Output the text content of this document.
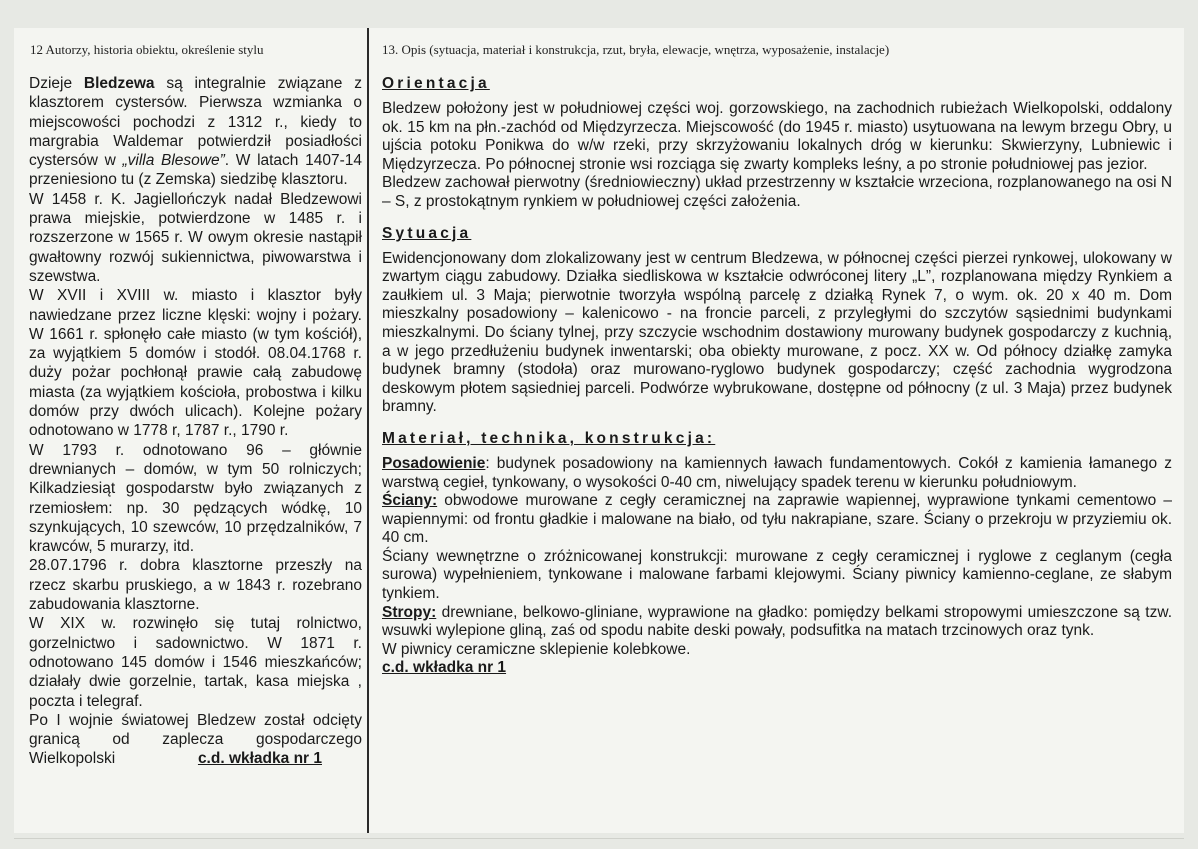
12 Autorzy, historia obiektu, określenie stylu	13. Opis (sytuacja, materiał i konstrukcja, rzut, bryła, elewacje, wnętrza, wyposażenie, instalacje)

Dzieje Bledzewa są integralnie związane z klasztorem cystersów. Pierwsza wzmianka o miejscowości pochodzi z 1312 r., kiedy to margrabia Waldemar potwierdził posiadłości cystersów w „villa Blesowe”. W latach 1407-14 przeniesiono tu (z Zemska) siedzibę klasztoru.

W 1458 r. K. Jagiellończyk nadał Bledzewowi prawa miejskie, potwierdzone w 1485 r. i rozszerzone w 1565 r. W owym okresie nastąpił gwałtowny rozwój sukiennictwa, piwowarstwa i szewstwa.

W XVII i XVIII w. miasto i klasztor były nawiedzane przez liczne klęski: wojny i pożary. W 1661 r. spłonęło całe miasto (w tym kościół), za wyjątkiem 5 domów i stodół. 08.04.1768 r. duży pożar pochłonął prawie całą zabudowę miasta (za wyjątkiem kościoła, probostwa i kilku domów przy dwóch ulicach). Kolejne pożary odnotowano w 1778 r, 1787 r., 1790 r.

W 1793 r. odnotowano 96 – głównie drewnianych – domów, w tym 50 rolniczych; Kilkadziesiąt gospodarstw było związanych z rzemiosłem: np. 30 pędzących wódkę, 10 szynkujących, 10 szewców, 10 przędzalników, 7 krawców, 5 murarzy, itd.

28.07.1796 r. dobra klasztorne przeszły na rzecz skarbu pruskiego, a w 1843 r. rozebrano zabudowania klasztorne.

W XIX w. rozwinęło się tutaj rolnictwo, gorzelnictwo i sadownictwo. W 1871 r. odnotowano 145 domów i 1546 mieszkańców; działały dwie gorzelnie, tartak, kasa miejska , poczta i telegraf.

Po I wojnie światowej Bledzew został odcięty granicą od zaplecza gospodarczego

Wielkopolski	c.d. wkładka nr 1
Orientacja

Bledzew położony jest w południowej części woj. gorzowskiego, na zachodnich rubieżach Wielkopolski, oddalony ok. 15 km na płn.-zachód od Międzyrzecza. Miejscowość (do 1945 r. miasto) usytuowana na lewym brzegu Obry, u ujścia potoku Ponikwa do w/w rzeki, przy skrzyżowaniu lokalnych dróg w kierunku: Skwierzyny, Lubniewic i Międzyrzecza. Po północnej stronie wsi rozciąga się zwarty kompleks leśny, a po stronie południowej pas jezior.

Bledzew zachował pierwotny (średniowieczny) układ przestrzenny w kształcie wrzeciona, rozplanowanego na osi N – S, z prostokątnym rynkiem w południowej części założenia.

Sytuacja

Ewidencjonowany dom zlokalizowany jest w centrum Bledzewa, w północnej części pierzei rynkowej, ulokowany w zwartym ciągu zabudowy. Działka siedliskowa w kształcie odwróconej litery „L”, rozplanowana między Rynkiem a zaułkiem ul. 3 Maja; pierwotnie tworzyła wspólną parcelę z działką Rynek 7, o wym. ok. 20 x 40 m. Dom mieszkalny posadowiony – kalenicowo - na froncie parceli, z przyległymi do szczytów sąsiednimi budynkami mieszkalnymi. Do ściany tylnej, przy szczycie wschodnim dostawiony murowany budynek gospodarczy z kuchnią, a w jego przedłużeniu budynek inwentarski; oba obiekty murowane, z pocz. XX w. Od północy działkę zamyka budynek bramny (stodoła) oraz murowano-ryglowo budynek gospodarczy; część zachodnia wygrodzona deskowym płotem sąsiedniej parceli. Podwórze wybrukowane, dostępne od północny (z ul. 3 Maja) przez budynek bramny.

Materiał, technika, konstrukcja:

Posadowienie: budynek posadowiony na kamiennych ławach fundamentowych. Cokół z kamienia łamanego z warstwą cegieł, tynkowany, o wysokości 0-40 cm, niwelujący spadek terenu w kierunku południowym.

Ściany: obwodowe murowane z cegły ceramicznej na zaprawie wapiennej, wyprawione tynkami cementowo – wapiennymi: od frontu gładkie i malowane na biało, od tyłu nakrapiane, szare. Ściany o przekroju w przyziemiu ok. 40 cm.

Ściany wewnętrzne o zróżnicowanej konstrukcji: murowane z cegły ceramicznej i ryglowe z ceglanym (cegła surowa) wypełnieniem, tynkowane i malowane farbami klejowymi. Ściany piwnicy kamienno-ceglane, ze słabym tynkiem.

Stropy: drewniane, belkowo-gliniane, wyprawione na gładko: pomiędzy belkami stropowymi umieszczone są tzw. wsuwki wylepione gliną, zaś od spodu nabite deski powały, podsufitka na matach trzcinowych oraz tynk.

W piwnicy ceramiczne sklepienie kolebkowe.

c.d. wkładka nr 1
